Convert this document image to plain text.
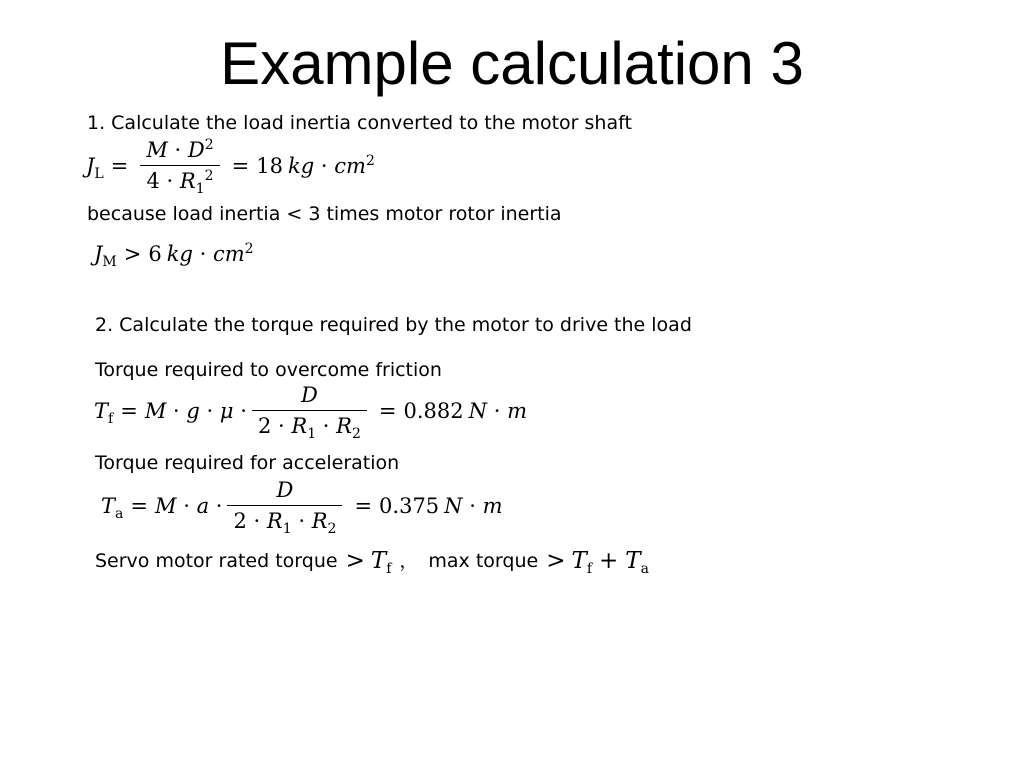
Example calculation 3
1. Calculate the load inertia converted to the motor shaft
$J_L = \frac{M \cdot D^2}{4 \cdot R_1^2} = 18$ kg · $cm^2$
because load inertia < 3 times motor rotor inertia
$J_M > 6$ kg · $cm^2$
2. Calculate the torque required by the motor to drive the load
Torque required to overcome friction
$T_f = M \cdot g \cdot \mu \cdot \frac{D}{2 \cdot R_1 \cdot R_2} = 0.882$ N · m
Torque required for acceleration
$T_a = M \cdot a \cdot \frac{D}{2 \cdot R_1 \cdot R_2} = 0.375$ N · m
Servo motor rated torque > $T_f$ ， max torque > $T_f + T_a$
